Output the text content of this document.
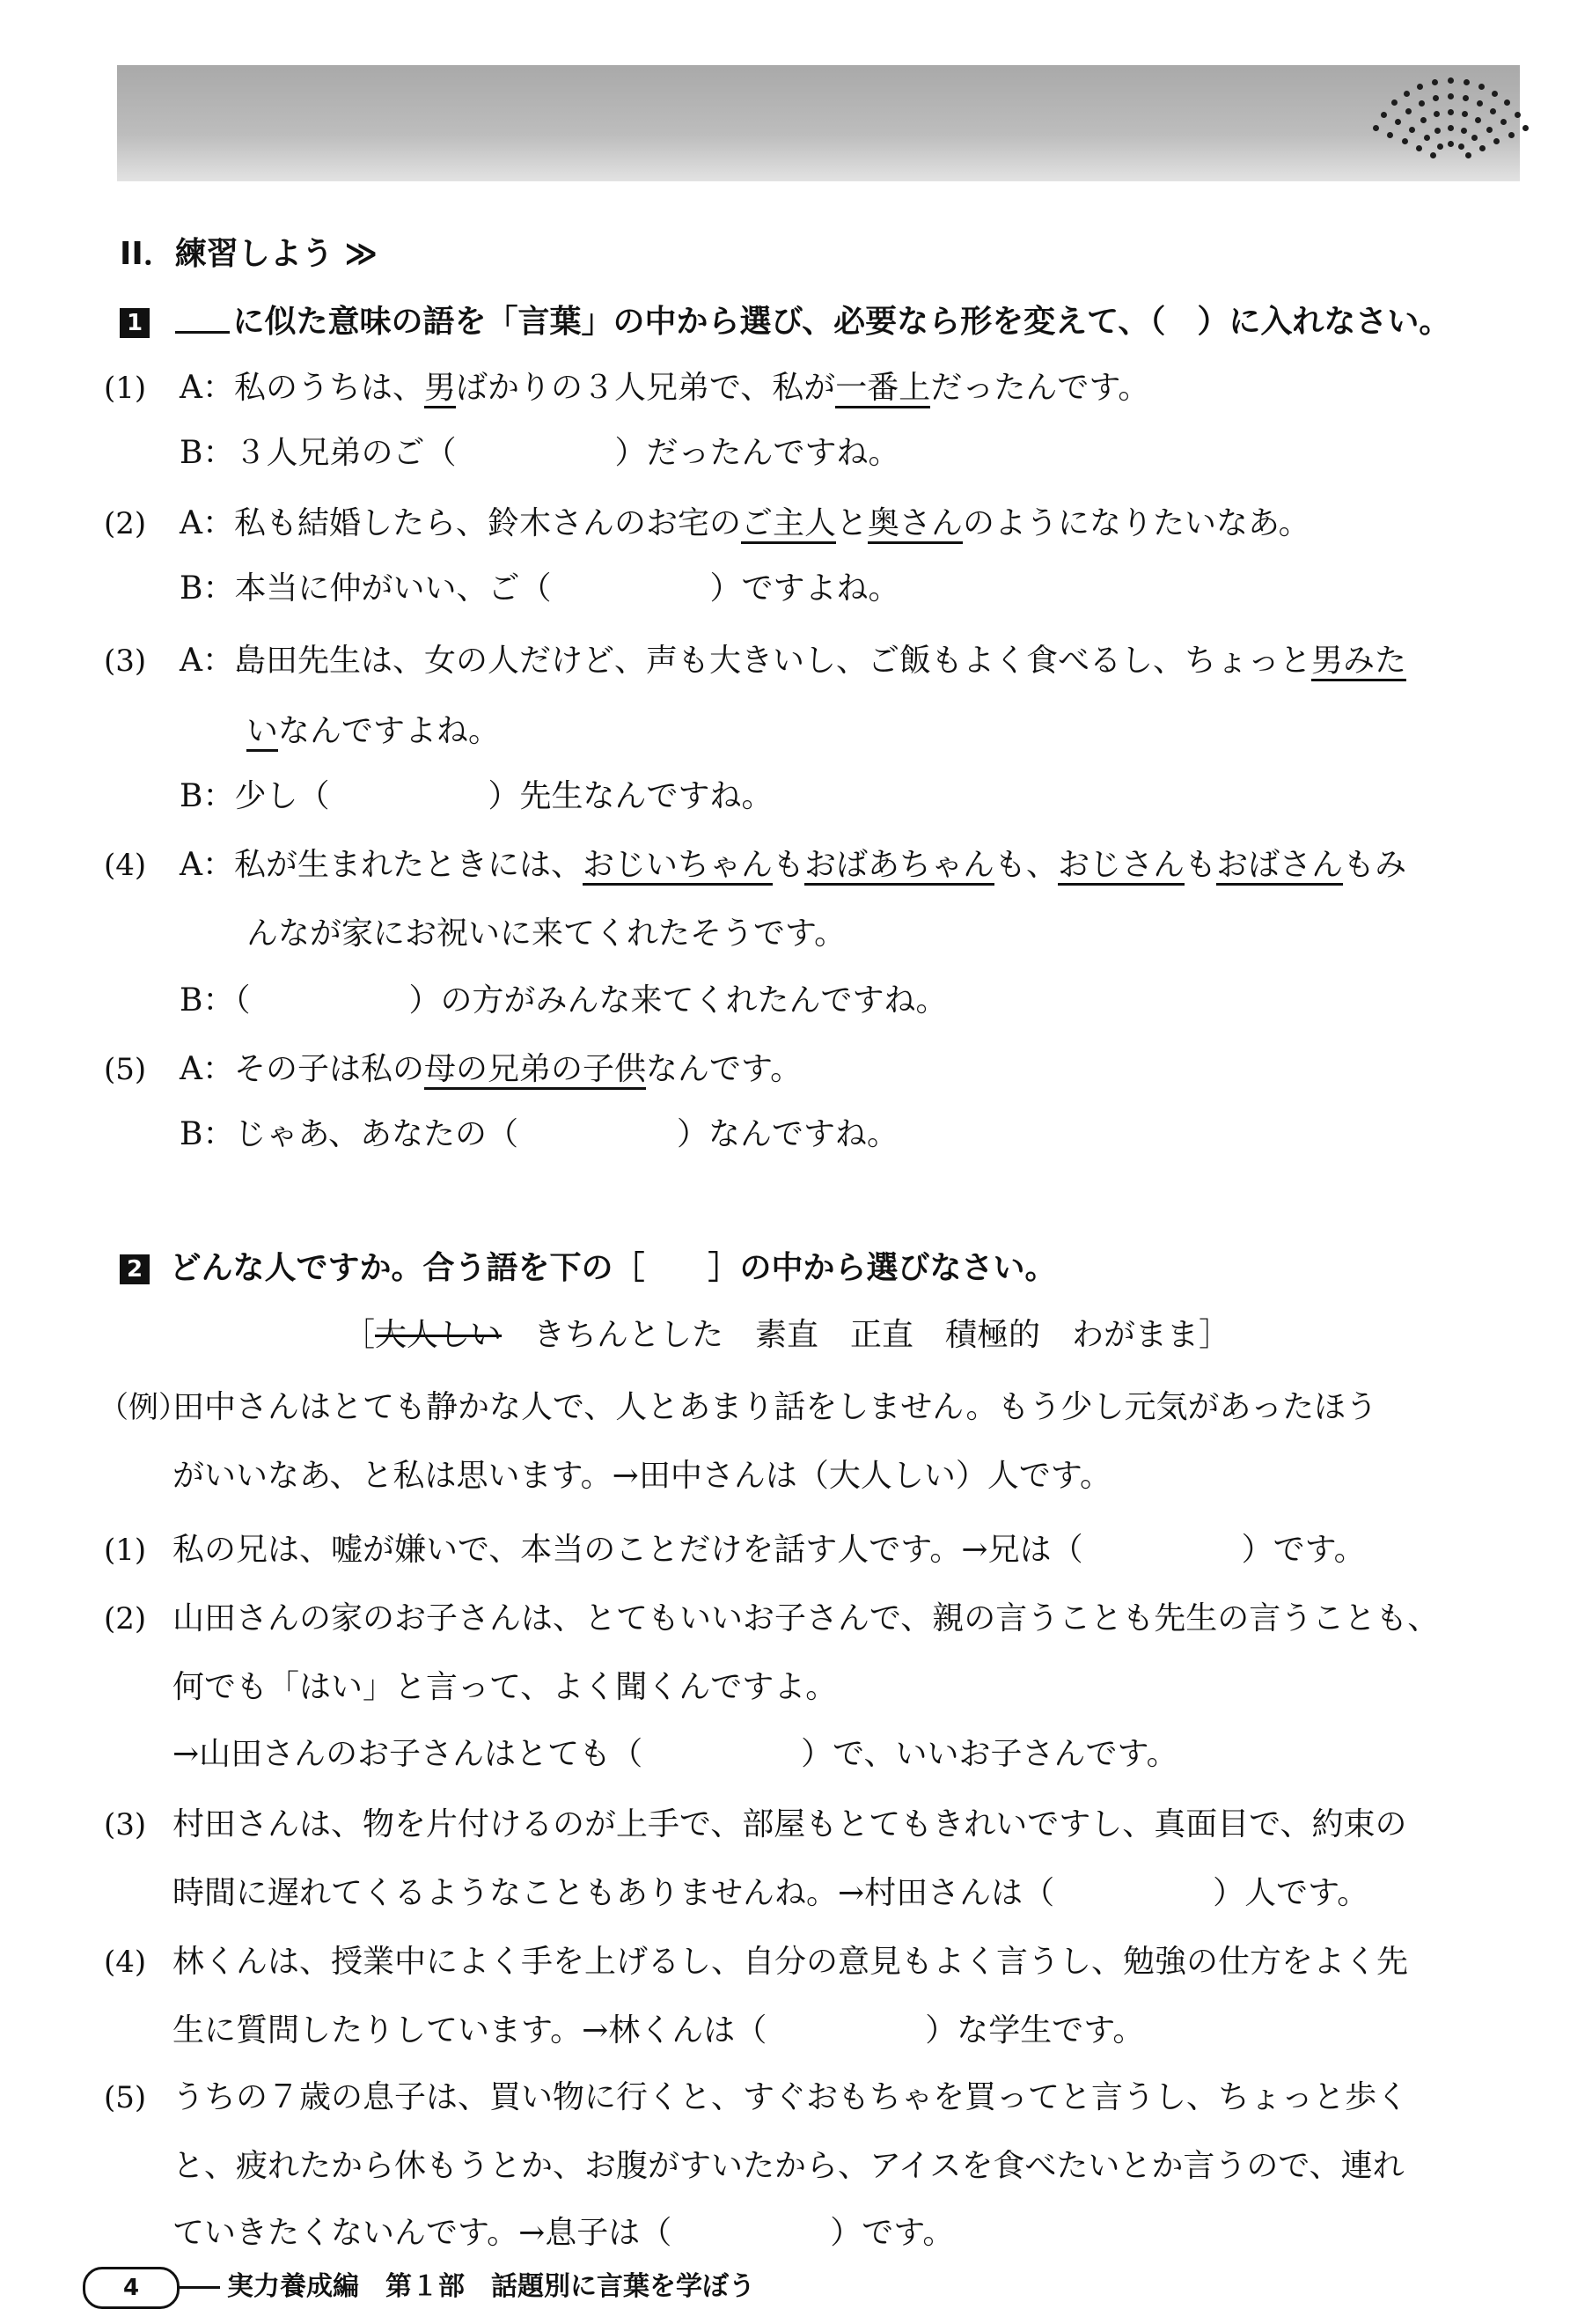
II．練習しよう ≫
1	に似た意味の語を「言葉」の中から選び、必要なら形を変えて、（　）に入れなさい。
(1) A：私のうちは、男ばかりの３人兄弟で、私が一番上だったんです。
B：３人兄弟のご（　　　　　）だったんですね。
(2) A：私も結婚したら、鈴木さんのお宅のご主人と奥さんのようになりたいなあ。
B：本当に仲がいい、ご（　　　　　）ですよね。
(3) A：島田先生は、女の人だけど、声も大きいし、ご飯もよく食べるし、ちょっと男みた
いなんですよね。
B：少し（　　　　　）先生なんですね。
(4) A：私が生まれたときには、おじいちゃんもおばあちゃんも、おじさんもおばさんもみ
んなが家にお祝いに来てくれたそうです。
B：（　　　　　）の方がみんな来てくれたんですね。
(5) A：その子は私の母の兄弟の子供なんです。
B：じゃあ、あなたの（　　　　　）なんですね。
2 どんな人ですか。合う語を下の［　　］の中から選びなさい。
［大人しい　 きちんとした　素直　正直　積極的　わがまま］
（例）
田中さんはとても静かな人で、人とあまり話をしません。もう少し元気があったほう
がいいなあ、と私は思います。→田中さんは（大人しい）人です。
(1) 私の兄は、嘘が嫌いで、本当のことだけを話す人です。→兄は（　　　　　）です。
(2) 山田さんの家のお子さんは、とてもいいお子さんで、親の言うことも先生の言うことも、
何でも「はい」と言って、よく聞くんですよ。
→山田さんのお子さんはとても（　　　　　）で、いいお子さんです。
(3) 村田さんは、物を片付けるのが上手で、部屋もとてもきれいですし、真面目で、約束の
時間に遅れてくるようなこともありませんね。→村田さんは（　　　　　）人です。
(4) 林くんは、授業中によく手を上げるし、自分の意見もよく言うし、勉強の仕方をよく先
生に質問したりしています。→林くんは（　　　　　）な学生です。
(5) うちの７歳の息子は、買い物に行くと、すぐおもちゃを買ってと言うし、ちょっと歩く
と、疲れたから休もうとか、お腹がすいたから、アイスを食べたいとか言うので、連れ
ていきたくないんです。→息子は（　　　　　）です。
4	実力養成編　第１部　話題別に言葉を学ぼう
